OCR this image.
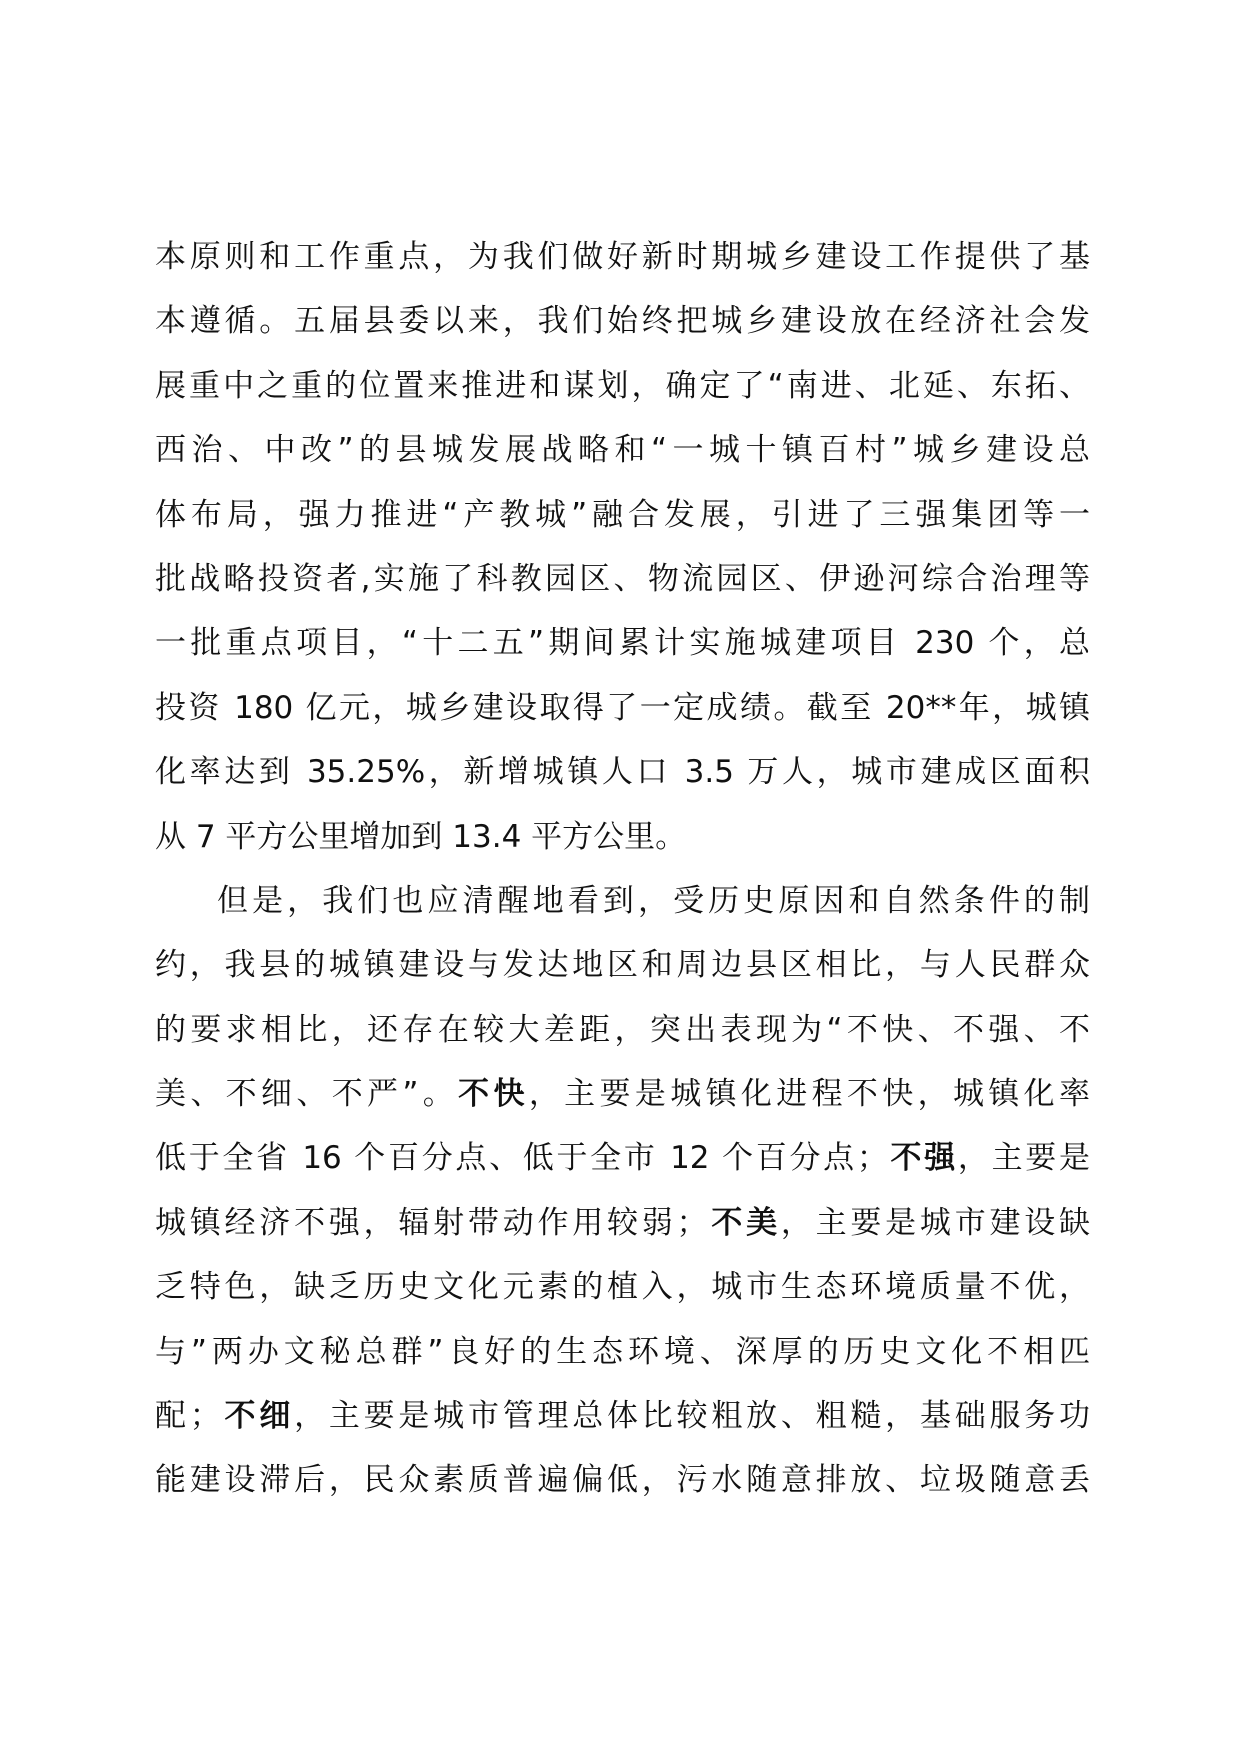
本原则和工作重点，为我们做好新时期城乡建设工作提供了基
本遵循。五届县委以来，我们始终把城乡建设放在经济社会发
展重中之重的位置来推进和谋划，确定了“南进、北延、东拓、
西治、中改”的县城发展战略和“一城十镇百村”城乡建设总
体布局，强力推进“产教城”融合发展，引进了三强集团等一
批战略投资者,实施了科教园区、物流园区、伊逊河综合治理等
一批重点项目，“十二五”期间累计实施城建项目 230 个，总
投资 180 亿元，城乡建设取得了一定成绩。截至 20**年，城镇
化率达到 35.25%，新增城镇人口 3.5 万人，城市建成区面积
从 7 平方公里增加到 13.4 平方公里。

但是，我们也应清醒地看到，受历史原因和自然条件的制
约，我县的城镇建设与发达地区和周边县区相比，与人民群众
的要求相比，还存在较大差距，突出表现为“不快、不强、不
美、不细、不严”。不快，主要是城镇化进程不快，城镇化率
低于全省 16 个百分点、低于全市 12 个百分点；不强，主要是
城镇经济不强，辐射带动作用较弱；不美，主要是城市建设缺
乏特色，缺乏历史文化元素的植入，城市生态环境质量不优，
与”两办文秘总群”良好的生态环境、深厚的历史文化不相匹
配；不细，主要是城市管理总体比较粗放、粗糙，基础服务功
能建设滞后，民众素质普遍偏低，污水随意排放、垃圾随意丢
